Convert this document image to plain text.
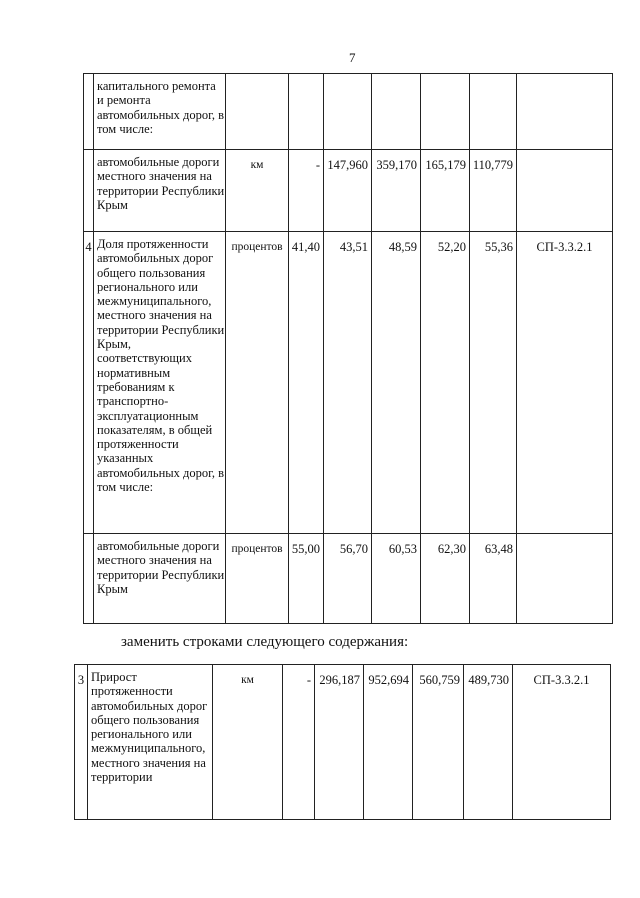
7
	капитального ремонта и ремонта автомобильных дорог, в том числе:							
	автомобильные дороги местного значения на территории Республики Крым	км	-	147,960	359,170	165,179	110,779	
4	Доля протяженности автомобильных дорог общего пользования регионального или межмуниципального, местного значения на территории Республики Крым, соответствующих нормативным требованиям к транспортно-эксплуатационным показателям, в общей протяженности указанных автомобильных дорог, в том числе:	процентов	41,40	43,51	48,59	52,20	55,36	СП-3.3.2.1
	автомобильные дороги местного значения на территории Республики Крым	процентов	55,00	56,70	60,53	62,30	63,48	
заменить строками следующего содержания:
3	Прирост протяженности автомобильных дорог общего пользования регионального или межмуниципального, местного значения на территории	км	-	296,187	952,694	560,759	489,730	СП-3.3.2.1
